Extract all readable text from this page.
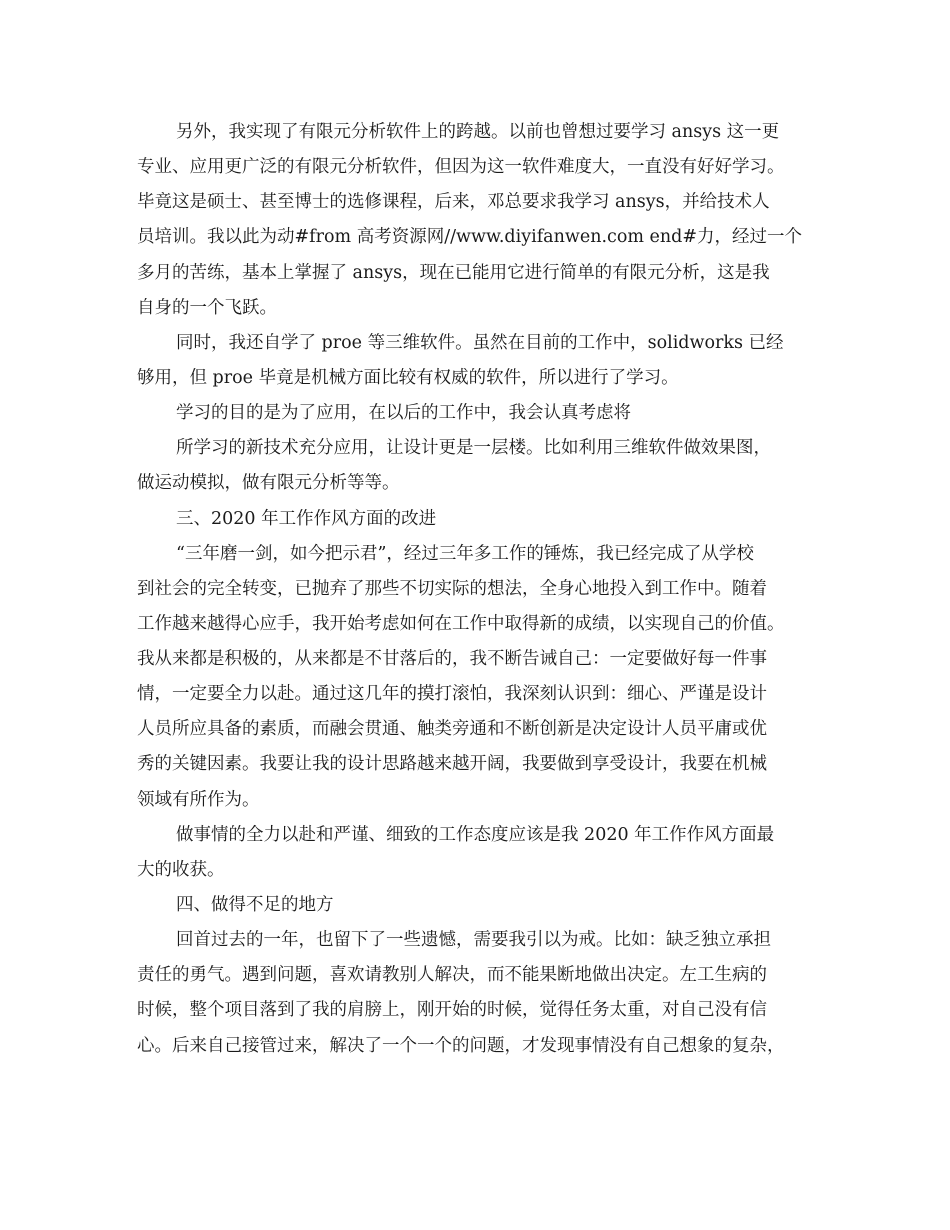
另外，我实现了有限元分析软件上的跨越。以前也曾想过要学习 ansys 这一更
专业、应用更广泛的有限元分析软件，但因为这一软件难度大，一直没有好好学习。
毕竟这是硕士、甚至博士的选修课程，后来，邓总要求我学习 ansys，并给技术人
员培训。我以此为动#from 高考资源网//www.diyifanwen.com end#力，经过一个
多月的苦练，基本上掌握了 ansys，现在已能用它进行简单的有限元分析，这是我
自身的一个飞跃。
同时，我还自学了 proe 等三维软件。虽然在目前的工作中，solidworks 已经
够用，但 proe 毕竟是机械方面比较有权威的软件，所以进行了学习。
学习的目的是为了应用，在以后的工作中，我会认真考虑将
所学习的新技术充分应用，让设计更是一层楼。比如利用三维软件做效果图，
做运动模拟，做有限元分析等等。
三、2020 年工作作风方面的改进
“三年磨一剑，如今把示君”，经过三年多工作的锤炼，我已经完成了从学校
到社会的完全转变，已抛弃了那些不切实际的想法，全身心地投入到工作中。随着
工作越来越得心应手，我开始考虑如何在工作中取得新的成绩，以实现自己的价值。
我从来都是积极的，从来都是不甘落后的，我不断告诫自己：一定要做好每一件事
情，一定要全力以赴。通过这几年的摸打滚怕，我深刻认识到：细心、严谨是设计
人员所应具备的素质，而融会贯通、触类旁通和不断创新是决定设计人员平庸或优
秀的关键因素。我要让我的设计思路越来越开阔，我要做到享受设计，我要在机械
领域有所作为。
做事情的全力以赴和严谨、细致的工作态度应该是我 2020 年工作作风方面最
大的收获。
四、做得不足的地方
回首过去的一年，也留下了一些遗憾，需要我引以为戒。比如：缺乏独立承担
责任的勇气。遇到问题，喜欢请教别人解决，而不能果断地做出决定。左工生病的
时候，整个项目落到了我的肩膀上，刚开始的时候，觉得任务太重，对自己没有信
心。后来自己接管过来，解决了一个一个的问题，才发现事情没有自己想象的复杂，
